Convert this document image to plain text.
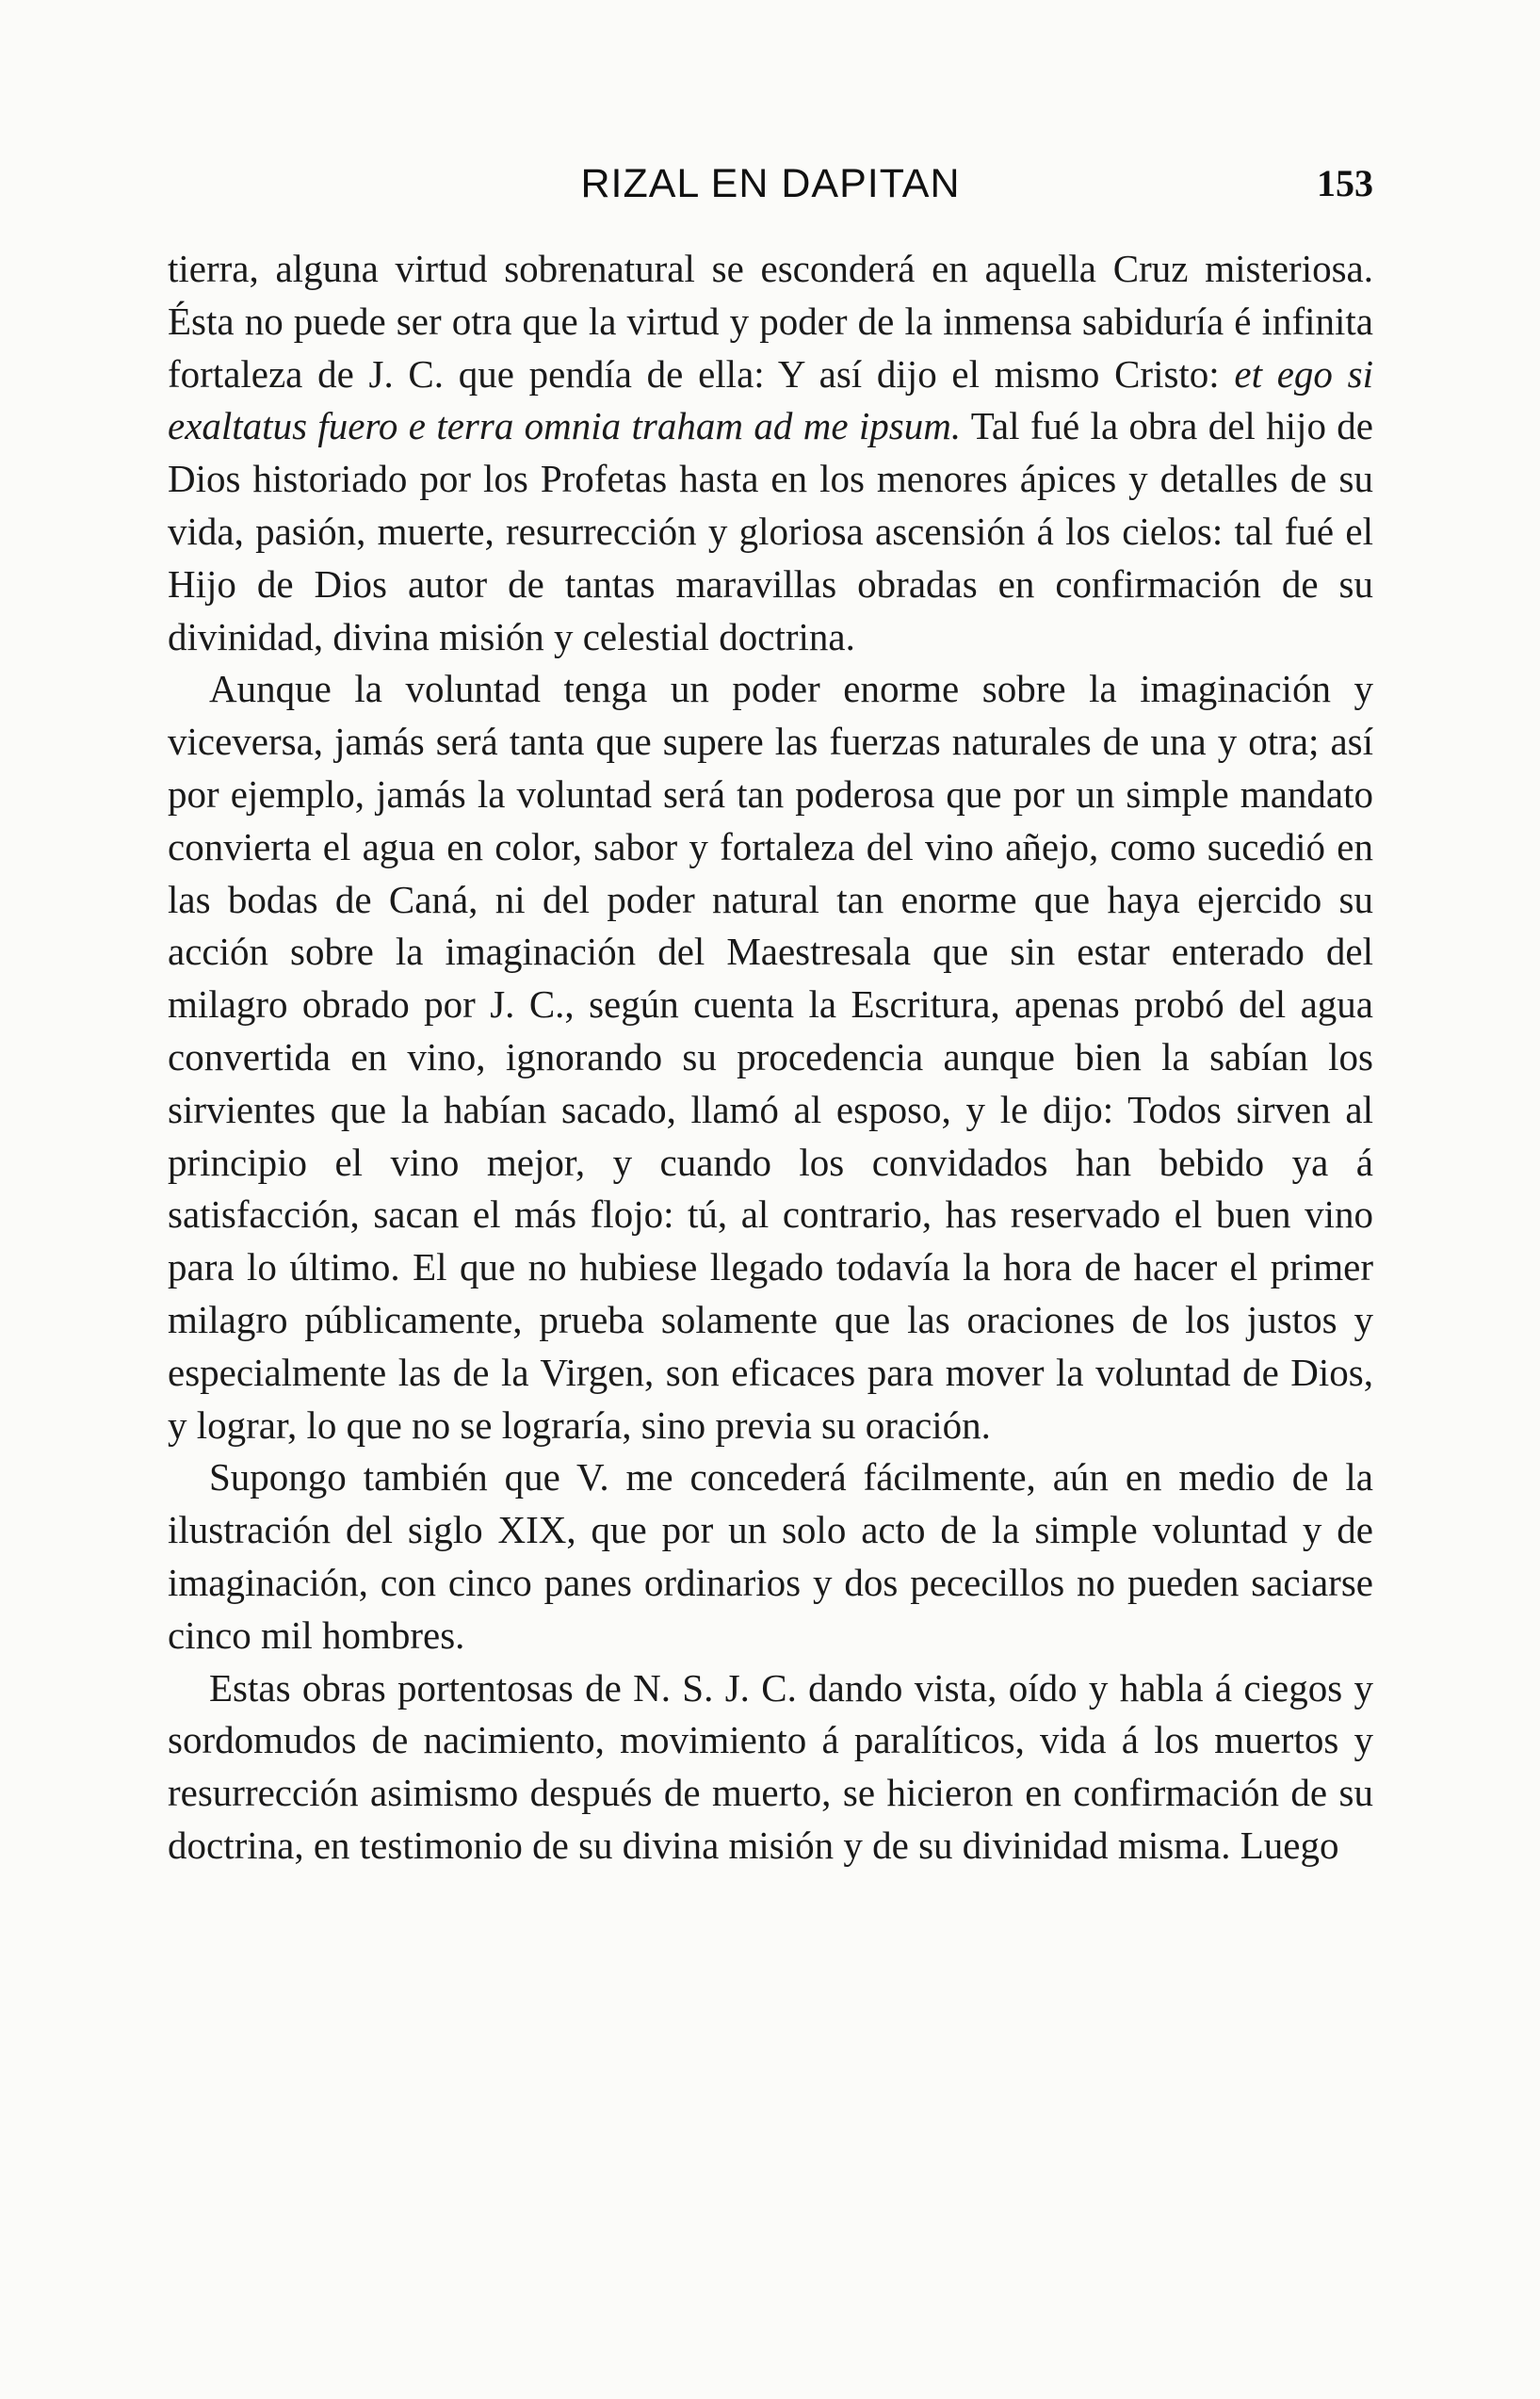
RIZAL EN DAPITAN	153

tierra, alguna virtud sobrenatural se esconderá en aquella Cruz misteriosa. Ésta no puede ser otra que la virtud y poder de la inmensa sabiduría é infinita fortaleza de J. C. que pendía de ella: Y así dijo el mismo Cristo: et ego si exaltatus fuero e terra omnia traham ad me ipsum. Tal fué la obra del hijo de Dios historiado por los Profetas hasta en los menores ápices y detalles de su vida, pasión, muerte, resurrección y gloriosa ascensión á los cielos: tal fué el Hijo de Dios autor de tantas maravillas obradas en confirmación de su divinidad, divina misión y celestial doctrina.

Aunque la voluntad tenga un poder enorme sobre la imaginación y viceversa, jamás será tanta que supere las fuerzas naturales de una y otra; así por ejemplo, jamás la voluntad será tan poderosa que por un simple mandato convierta el agua en color, sabor y fortaleza del vino añejo, como sucedió en las bodas de Caná, ni del poder natural tan enorme que haya ejercido su acción sobre la imaginación del Maestresala que sin estar enterado del milagro obrado por J. C., según cuenta la Escritura, apenas probó del agua convertida en vino, ignorando su procedencia aunque bien la sabían los sirvientes que la habían sacado, llamó al esposo, y le dijo: Todos sirven al principio el vino mejor, y cuando los convidados han bebido ya á satisfacción, sacan el más flojo: tú, al contrario, has reservado el buen vino para lo último. El que no hubiese llegado todavía la hora de hacer el primer milagro públicamente, prueba solamente que las oraciones de los justos y especialmente las de la Virgen, son eficaces para mover la voluntad de Dios, y lograr, lo que no se lograría, sino previa su oración.

Supongo también que V. me concederá fácilmente, aún en medio de la ilustración del siglo XIX, que por un solo acto de la simple voluntad y de imaginación, con cinco panes ordinarios y dos pececillos no pueden saciarse cinco mil hombres.

Estas obras portentosas de N. S. J. C. dando vista, oído y habla á ciegos y sordomudos de nacimiento, movimiento á paralíticos, vida á los muertos y resurrección asimismo después de muerto, se hicieron en confirmación de su doctrina, en testimonio de su divina misión y de su divinidad misma. Luego
